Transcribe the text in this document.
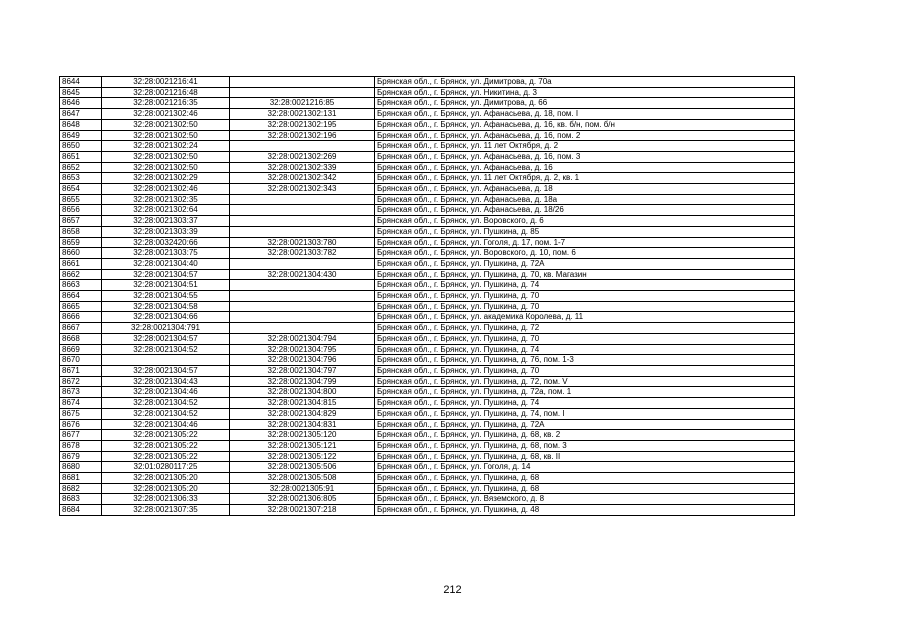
8644	32:28:0021216:41		Брянская обл., г. Брянск, ул. Димитрова, д. 70а
8645	32:28:0021216:48		Брянская обл., г. Брянск, ул. Никитина, д. 3
8646	32:28:0021216:35	32:28:0021216:85	Брянская обл., г. Брянск, ул. Димитрова, д. 66
8647	32:28:0021302:46	32:28:0021302:131	Брянская обл., г. Брянск, ул. Афанасьева, д. 18, пом. I
8648	32:28:0021302:50	32:28:0021302:195	Брянская обл., г. Брянск, ул. Афанасьева, д. 16, кв. б/н, пом. б/н
8649	32:28:0021302:50	32:28:0021302:196	Брянская обл., г. Брянск, ул. Афанасьева, д. 16, пом. 2
8650	32:28:0021302:24		Брянская обл., г. Брянск, ул. 11 лет Октября, д. 2
8651	32:28:0021302:50	32:28:0021302:269	Брянская обл., г. Брянск, ул. Афанасьева, д. 16, пом. 3
8652	32:28:0021302:50	32:28:0021302:339	Брянская обл., г. Брянск, ул. Афанасьева, д. 16
8653	32:28:0021302:29	32:28:0021302:342	Брянская обл., г. Брянск, ул. 11 лет Октября, д. 2, кв. 1
8654	32:28:0021302:46	32:28:0021302:343	Брянская обл., г. Брянск, ул. Афанасьева, д. 18
8655	32:28:0021302:35		Брянская обл., г. Брянск, ул. Афанасьева, д. 18а
8656	32:28:0021302:64		Брянская обл., г. Брянск, ул. Афанасьева, д. 18/26
8657	32:28:0021303:37		Брянская обл., г. Брянск, ул. Воровского, д. 6
8658	32:28:0021303:39		Брянская обл., г. Брянск, ул. Пушкина, д. 85
8659	32:28:0032420:66	32:28:0021303:780	Брянская обл., г. Брянск, ул. Гоголя, д. 17, пом. 1-7
8660	32:28:0021303:75	32:28:0021303:782	Брянская обл., г. Брянск, ул. Воровского, д. 10, пом. 6
8661	32:28:0021304:40		Брянская обл., г. Брянск, ул. Пушкина, д. 72А
8662	32:28:0021304:57	32:28:0021304:430	Брянская обл., г. Брянск, ул. Пушкина, д. 70, кв. Магазин
8663	32:28:0021304:51		Брянская обл., г. Брянск, ул. Пушкина, д. 74
8664	32:28:0021304:55		Брянская обл., г. Брянск, ул. Пушкина, д. 70
8665	32:28:0021304:58		Брянская обл., г. Брянск, ул. Пушкина, д. 70
8666	32:28:0021304:66		Брянская обл., г. Брянск, ул. академика Королева, д. 11
8667	32:28:0021304:791		Брянская обл., г. Брянск, ул. Пушкина, д. 72
8668	32:28:0021304:57	32:28:0021304:794	Брянская обл., г. Брянск, ул. Пушкина, д. 70
8669	32:28:0021304:52	32:28:0021304:795	Брянская обл., г. Брянск, ул. Пушкина, д. 74
8670		32:28:0021304:796	Брянская обл., г. Брянск, ул. Пушкина, д. 76, пом. 1-3
8671	32:28:0021304:57	32:28:0021304:797	Брянская обл., г. Брянск, ул. Пушкина, д. 70
8672	32:28:0021304:43	32:28:0021304:799	Брянская обл., г. Брянск, ул. Пушкина, д. 72, пом. V
8673	32:28:0021304:46	32:28:0021304:800	Брянская обл., г. Брянск, ул. Пушкина, д. 72а, пом. 1
8674	32:28:0021304:52	32:28:0021304:815	Брянская обл., г. Брянск, ул. Пушкина, д. 74
8675	32:28:0021304:52	32:28:0021304:829	Брянская обл., г. Брянск, ул. Пушкина, д. 74, пом. I
8676	32:28:0021304:46	32:28:0021304:831	Брянская обл., г. Брянск, ул. Пушкина, д. 72А
8677	32:28:0021305:22	32:28:0021305:120	Брянская обл., г. Брянск, ул. Пушкина, д. 68, кв. 2
8678	32:28:0021305:22	32:28:0021305:121	Брянская обл., г. Брянск, ул. Пушкина, д. 68, пом. 3
8679	32:28:0021305:22	32:28:0021305:122	Брянская обл., г. Брянск, ул. Пушкина, д. 68, кв. II
8680	32:01:0280117:25	32:28:0021305:506	Брянская обл., г. Брянск, ул. Гоголя, д. 14
8681	32:28:0021305:20	32:28:0021305:508	Брянская обл., г. Брянск, ул. Пушкина, д. 68
8682	32:28:0021305:20	32:28:0021305:91	Брянская обл., г. Брянск, ул. Пушкина, д. 68
8683	32:28:0021306:33	32:28:0021306:805	Брянская обл., г. Брянск, ул. Вяземского, д. 8
8684	32:28:0021307:35	32:28:0021307:218	Брянская обл., г. Брянск, ул. Пушкина, д. 48
212
